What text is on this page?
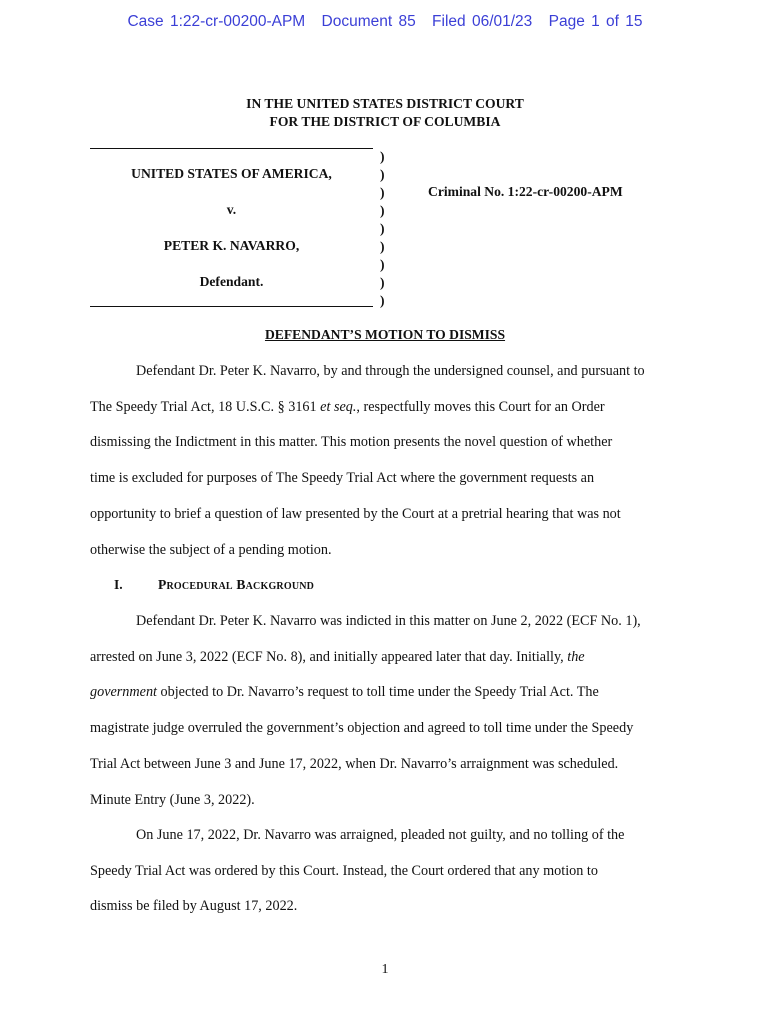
Case 1:22-cr-00200-APM Document 85 Filed 06/01/23 Page 1 of 15
IN THE UNITED STATES DISTRICT COURT
FOR THE DISTRICT OF COLUMBIA
UNITED STATES OF AMERICA,
v.
PETER K. NAVARRO,
Defendant.
)
)
)
)
)
)
)
)
)
Criminal No. 1:22-cr-00200-APM
DEFENDANT’S MOTION TO DISMISS
Defendant Dr. Peter K. Navarro, by and through the undersigned counsel, and pursuant to
The Speedy Trial Act, 18 U.S.C. § 3161 et seq., respectfully moves this Court for an Order
dismissing the Indictment in this matter. This motion presents the novel question of whether
time is excluded for purposes of The Speedy Trial Act where the government requests an
opportunity to brief a question of law presented by the Court at a pretrial hearing that was not
otherwise the subject of a pending motion.
I.	Procedural Background
Defendant Dr. Peter K. Navarro was indicted in this matter on June 2, 2022 (ECF No. 1),
arrested on June 3, 2022 (ECF No. 8), and initially appeared later that day. Initially, the
government objected to Dr. Navarro’s request to toll time under the Speedy Trial Act. The
magistrate judge overruled the government’s objection and agreed to toll time under the Speedy
Trial Act between June 3 and June 17, 2022, when Dr. Navarro’s arraignment was scheduled.
Minute Entry (June 3, 2022).
On June 17, 2022, Dr. Navarro was arraigned, pleaded not guilty, and no tolling of the
Speedy Trial Act was ordered by this Court. Instead, the Court ordered that any motion to
dismiss be filed by August 17, 2022.
1
